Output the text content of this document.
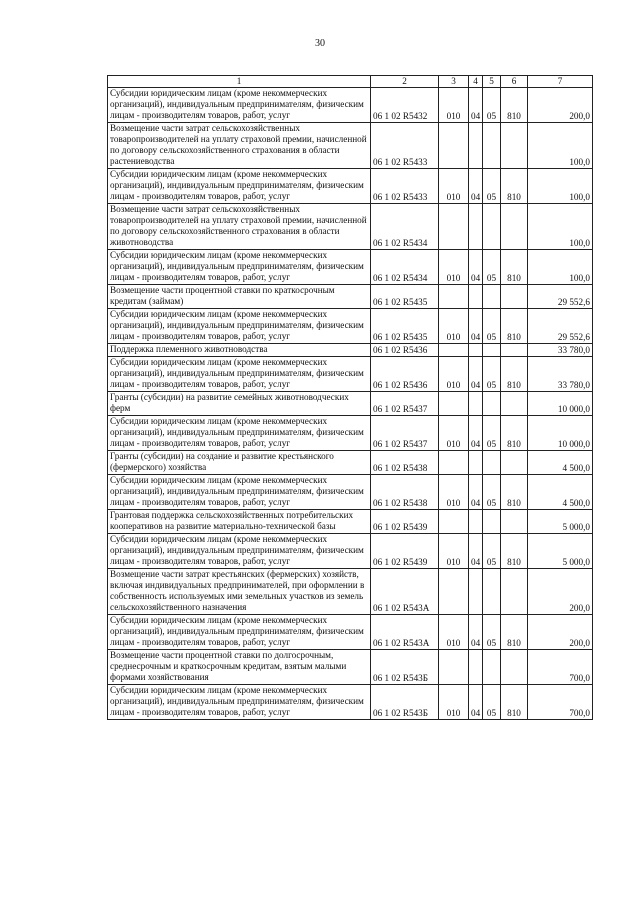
30
1	2	3	4	5	6	7
Субсидии юридическим лицам (кроме некоммерческих организаций), индивидуальным предпринимателям, физическим лицам - производителям товаров, работ, услуг	06 1 02 R5432	010	04	05	810	200,0
Возмещение части затрат сельскохозяйственных товаропроизводителей на уплату страховой премии, начисленной по договору сельскохозяйственного страхования в области растениеводства	06 1 02 R5433					100,0
Субсидии юридическим лицам (кроме некоммерческих организаций), индивидуальным предпринимателям, физическим лицам - производителям товаров, работ, услуг	06 1 02 R5433	010	04	05	810	100,0
Возмещение части затрат сельскохозяйственных товаропроизводителей на уплату страховой премии, начисленной по договору сельскохозяйственного страхования в области животноводства	06 1 02 R5434					100,0
Субсидии юридическим лицам (кроме некоммерческих организаций), индивидуальным предпринимателям, физическим лицам - производителям товаров, работ, услуг	06 1 02 R5434	010	04	05	810	100,0
Возмещение части процентной ставки по краткосрочным кредитам (займам)	06 1 02 R5435					29 552,6
Субсидии юридическим лицам (кроме некоммерческих организаций), индивидуальным предпринимателям, физическим лицам - производителям товаров, работ, услуг	06 1 02 R5435	010	04	05	810	29 552,6
Поддержка племенного животноводства	06 1 02 R5436					33 780,0
Субсидии юридическим лицам (кроме некоммерческих организаций), индивидуальным предпринимателям, физическим лицам - производителям товаров, работ, услуг	06 1 02 R5436	010	04	05	810	33 780,0
Гранты (субсидии) на развитие семейных животноводческих ферм	06 1 02 R5437					10 000,0
Субсидии юридическим лицам (кроме некоммерческих организаций), индивидуальным предпринимателям, физическим лицам - производителям товаров, работ, услуг	06 1 02 R5437	010	04	05	810	10 000,0
Гранты (субсидии) на создание и развитие крестьянского (фермерского) хозяйства	06 1 02 R5438					4 500,0
Субсидии юридическим лицам (кроме некоммерческих организаций), индивидуальным предпринимателям, физическим лицам - производителям товаров, работ, услуг	06 1 02 R5438	010	04	05	810	4 500,0
Грантовая поддержка сельскохозяйственных потребительских кооперативов на развитие материально-технической базы	06 1 02 R5439					5 000,0
Субсидии юридическим лицам (кроме некоммерческих организаций), индивидуальным предпринимателям, физическим лицам - производителям товаров, работ, услуг	06 1 02 R5439	010	04	05	810	5 000,0
Возмещение части затрат крестьянских (фермерских) хозяйств, включая индивидуальных предпринимателей, при оформлении в собственность используемых ими земельных участков из земель сельскохозяйственного назначения	06 1 02 R543А					200,0
Субсидии юридическим лицам (кроме некоммерческих организаций), индивидуальным предпринимателям, физическим лицам - производителям товаров, работ, услуг	06 1 02 R543А	010	04	05	810	200,0
Возмещение части процентной ставки по долгосрочным, среднесрочным и краткосрочным кредитам, взятым малыми формами хозяйствования	06 1 02 R543Б					700,0
Субсидии юридическим лицам (кроме некоммерческих организаций), индивидуальным предпринимателям, физическим лицам - производителям товаров, работ, услуг	06 1 02 R543Б	010	04	05	810	700,0
